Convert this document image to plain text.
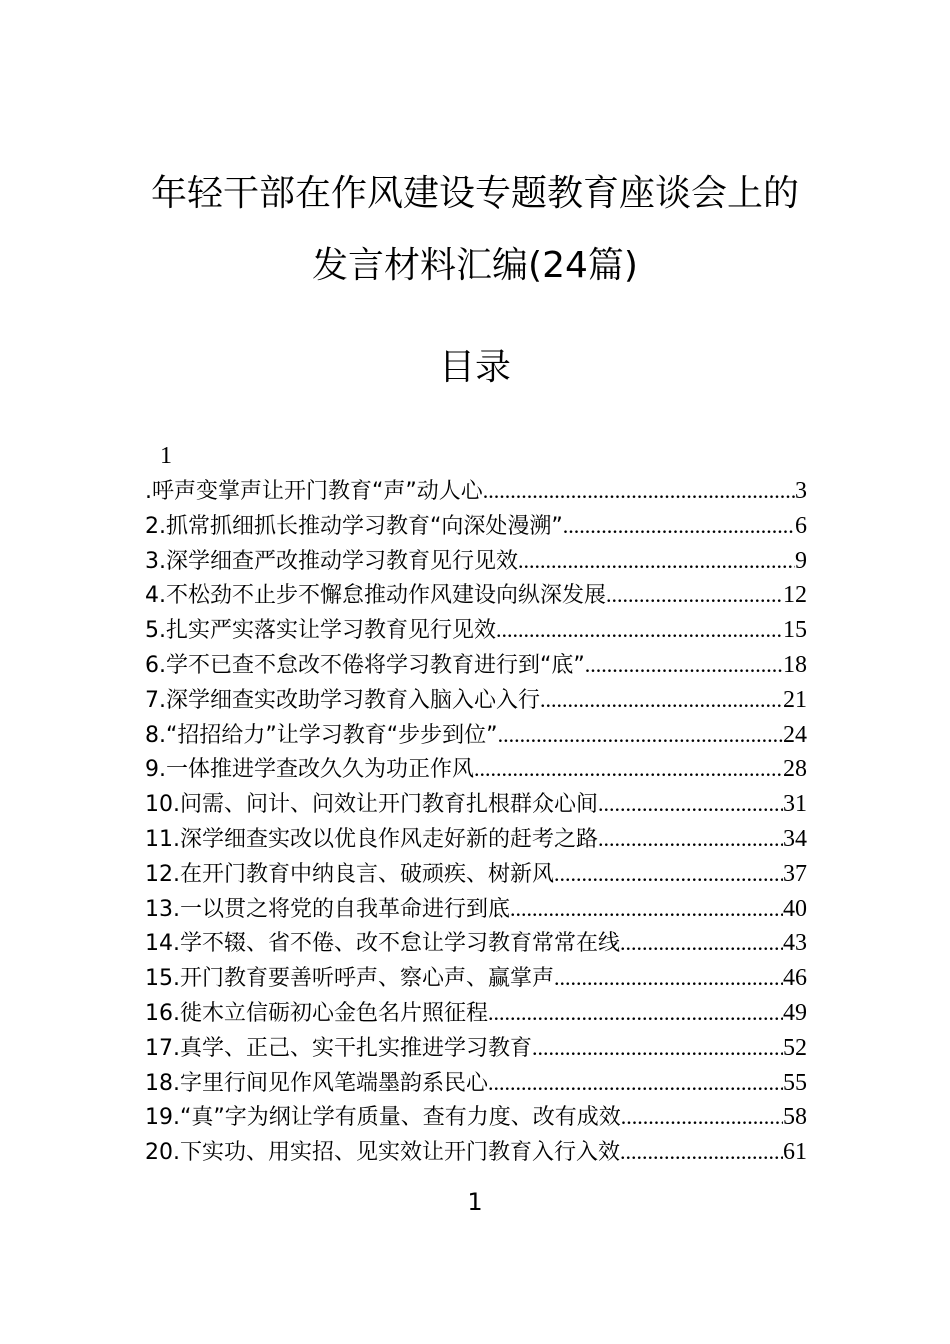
年轻干部在作风建设专题教育座谈会上的
发言材料汇编(24篇)
目录
1
.呼声变掌声让开门教育“声”动人心 .....	3
2.抓常抓细抓长推动学习教育“向深处漫溯” .....	6
3.深学细查严改推动学习教育见行见效 .....	9
4.不松劲不止步不懈怠推动作风建设向纵深发展 .....	12
5.扎实严实落实让学习教育见行见效 .....	15
6.学不已查不怠改不倦将学习教育进行到“底” .....	18
7.深学细查实改助学习教育入脑入心入行 .....	21
8.“招招给力”让学习教育“步步到位” .....	24
9.一体推进学查改久久为功正作风 .....	28
10.问需、问计、问效让开门教育扎根群众心间 .....	31
11.深学细查实改以优良作风走好新的赶考之路 .....	34
12.在开门教育中纳良言、破顽疾、树新风 .....	37
13.一以贯之将党的自我革命进行到底 .....	40
14.学不辍、省不倦、改不怠让学习教育常常在线 .....	43
15.开门教育要善听呼声、察心声、赢掌声 .....	46
16.徙木立信砺初心金色名片照征程 .....	49
17.真学、正己、实干扎实推进学习教育 .....	52
18.字里行间见作风笔端墨韵系民心 .....	55
19.“真”字为纲让学有质量、查有力度、改有成效 .....	58
20.下实功、用实招、见实效让开门教育入行入效 .....	61
1
